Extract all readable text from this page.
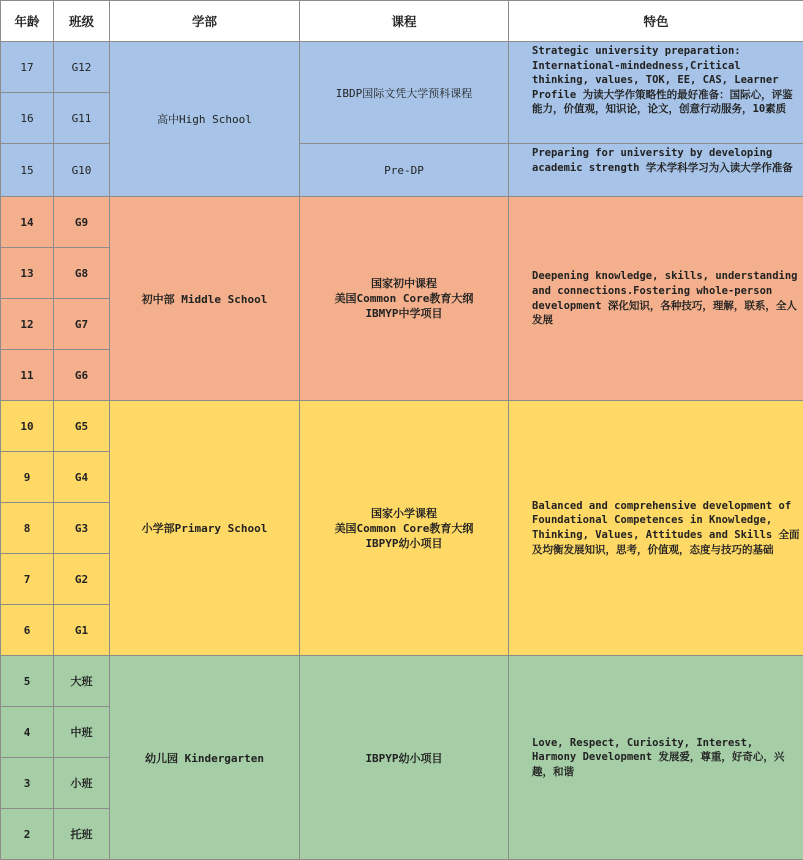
年龄	班级	学部	课程	特色
17	G12	高中High School	IBDP国际文凭大学预科课程	Strategic university preparation: International-mindedness,Critical thinking, values, TOK, EE, CAS, Learner Profile 为读大学作策略性的最好准备：国际心，评鉴能力，价值观，知识论，论文，创意行动服务，10素质
16	G11			
15	G10		Pre-DP	Preparing for university by developing academic strength 学术学科学习为入读大学作准备
14	G9	初中部 Middle School	国家初中课程
美国Common Core教育大纲
IBMYP中学项目	Deepening knowledge, skills, understanding and connections.Fostering whole-person development 深化知识，各种技巧，理解，联系，全人发展
13	G8			
12	G7			
11	G6			
10	G5	小学部Primary School	国家小学课程
美国Common Core教育大纲
IBPYP幼小项目	Balanced and comprehensive development of Foundational Competences in Knowledge, Thinking, Values, Attitudes and Skills 全面及均衡发展知识，思考，价值观，态度与技巧的基础
9	G4			
8	G3			
7	G2			
6	G1			
5	大班	幼儿园 Kindergarten	IBPYP幼小项目	Love, Respect, Curiosity, Interest, Harmony Development 发展爱，尊重，好奇心，兴趣，和谐
4	中班			
3	小班			
2	托班			
